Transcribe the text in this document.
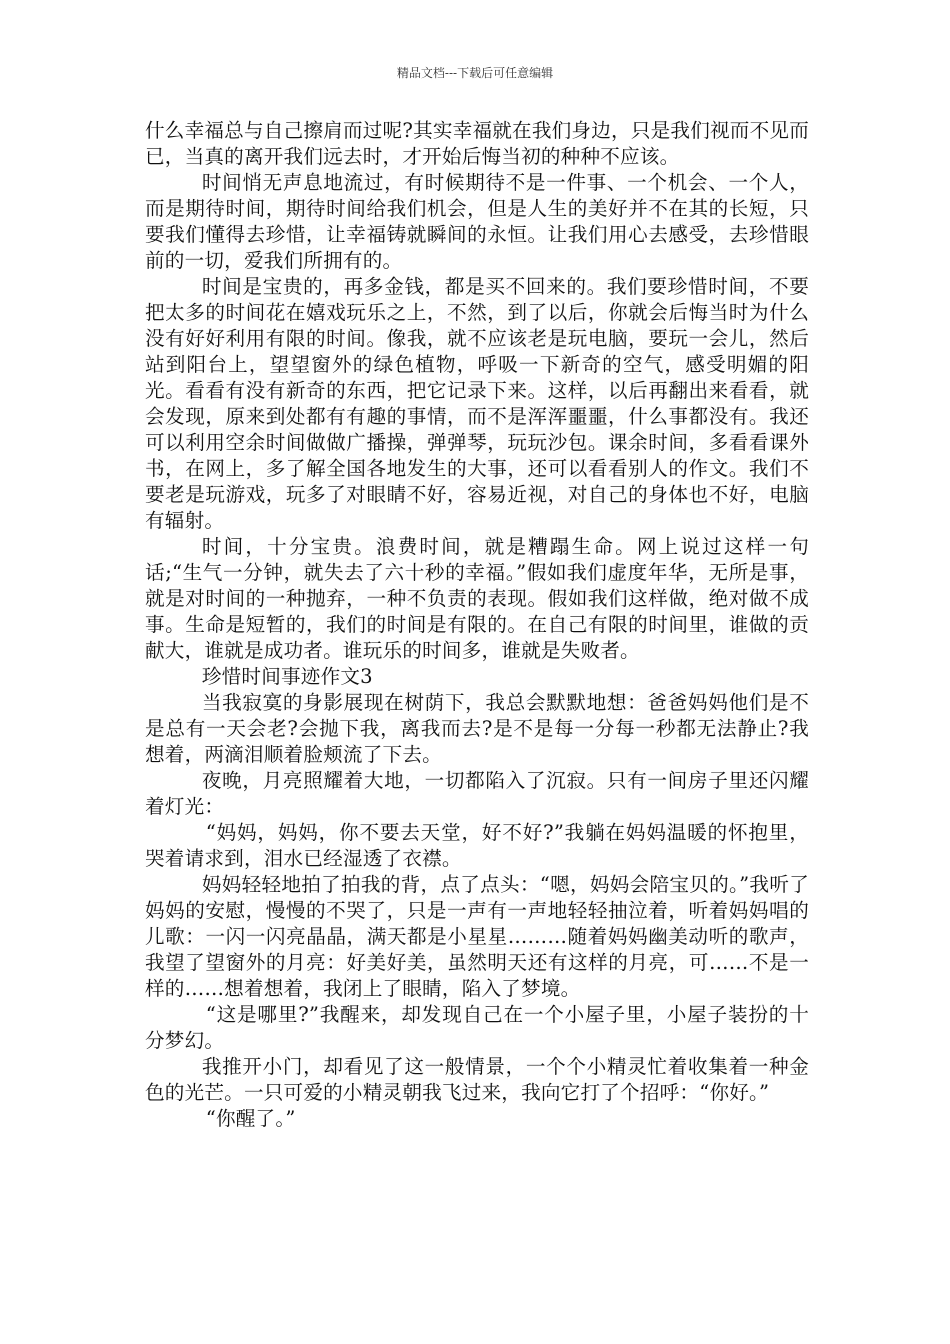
精品文档---下载后可任意编辑

什么幸福总与自己擦肩而过呢?其实幸福就在我们身边，只是我们视而不见而已，当真的离开我们远去时，才开始后悔当初的种种不应该。

时间悄无声息地流过，有时候期待不是一件事、一个机会、一个人，而是期待时间，期待时间给我们机会，但是人生的美好并不在其的长短，只要我们懂得去珍惜，让幸福铸就瞬间的永恒。让我们用心去感受，去珍惜眼前的一切，爱我们所拥有的。

时间是宝贵的，再多金钱，都是买不回来的。我们要珍惜时间，不要把太多的时间花在嬉戏玩乐之上，不然，到了以后，你就会后悔当时为什么没有好好利用有限的时间。像我，就不应该老是玩电脑，要玩一会儿，然后站到阳台上，望望窗外的绿色植物，呼吸一下新奇的空气，感受明媚的阳光。看看有没有新奇的东西，把它记录下来。这样，以后再翻出来看看，就会发现，原来到处都有有趣的事情，而不是浑浑噩噩，什么事都没有。我还可以利用空余时间做做广播操，弹弹琴，玩玩沙包。课余时间，多看看课外书，在网上，多了解全国各地发生的大事，还可以看看别人的作文。我们不要老是玩游戏，玩多了对眼睛不好，容易近视，对自己的身体也不好，电脑有辐射。

时间，十分宝贵。浪费时间，就是糟蹋生命。网上说过这样一句话;“生气一分钟，就失去了六十秒的幸福。”假如我们虚度年华，无所是事，就是对时间的一种抛弃，一种不负责的表现。假如我们这样做，绝对做不成事。生命是短暂的，我们的时间是有限的。在自己有限的时间里，谁做的贡献大，谁就是成功者。谁玩乐的时间多，谁就是失败者。

珍惜时间事迹作文3

当我寂寞的身影展现在树荫下，我总会默默地想：爸爸妈妈他们是不是总有一天会老?会抛下我，离我而去?是不是每一分每一秒都无法静止?我想着，两滴泪顺着脸颊流了下去。

夜晚，月亮照耀着大地，一切都陷入了沉寂。只有一间房子里还闪耀着灯光：

“妈妈，妈妈，你不要去天堂，好不好?”我躺在妈妈温暖的怀抱里，哭着请求到，泪水已经湿透了衣襟。

妈妈轻轻地拍了拍我的背，点了点头：“嗯，妈妈会陪宝贝的。”我听了妈妈的安慰，慢慢的不哭了，只是一声有一声地轻轻抽泣着，听着妈妈唱的儿歌：一闪一闪亮晶晶，满天都是小星星………随着妈妈幽美动听的歌声，我望了望窗外的月亮：好美好美，虽然明天还有这样的月亮，可……不是一样的……想着想着，我闭上了眼睛，陷入了梦境。

“这是哪里?”我醒来，却发现自己在一个小屋子里，小屋子装扮的十分梦幻。

我推开小门，却看见了这一般情景，一个个小精灵忙着收集着一种金色的光芒。一只可爱的小精灵朝我飞过来，我向它打了个招呼：“你好。”

“你醒了。”
